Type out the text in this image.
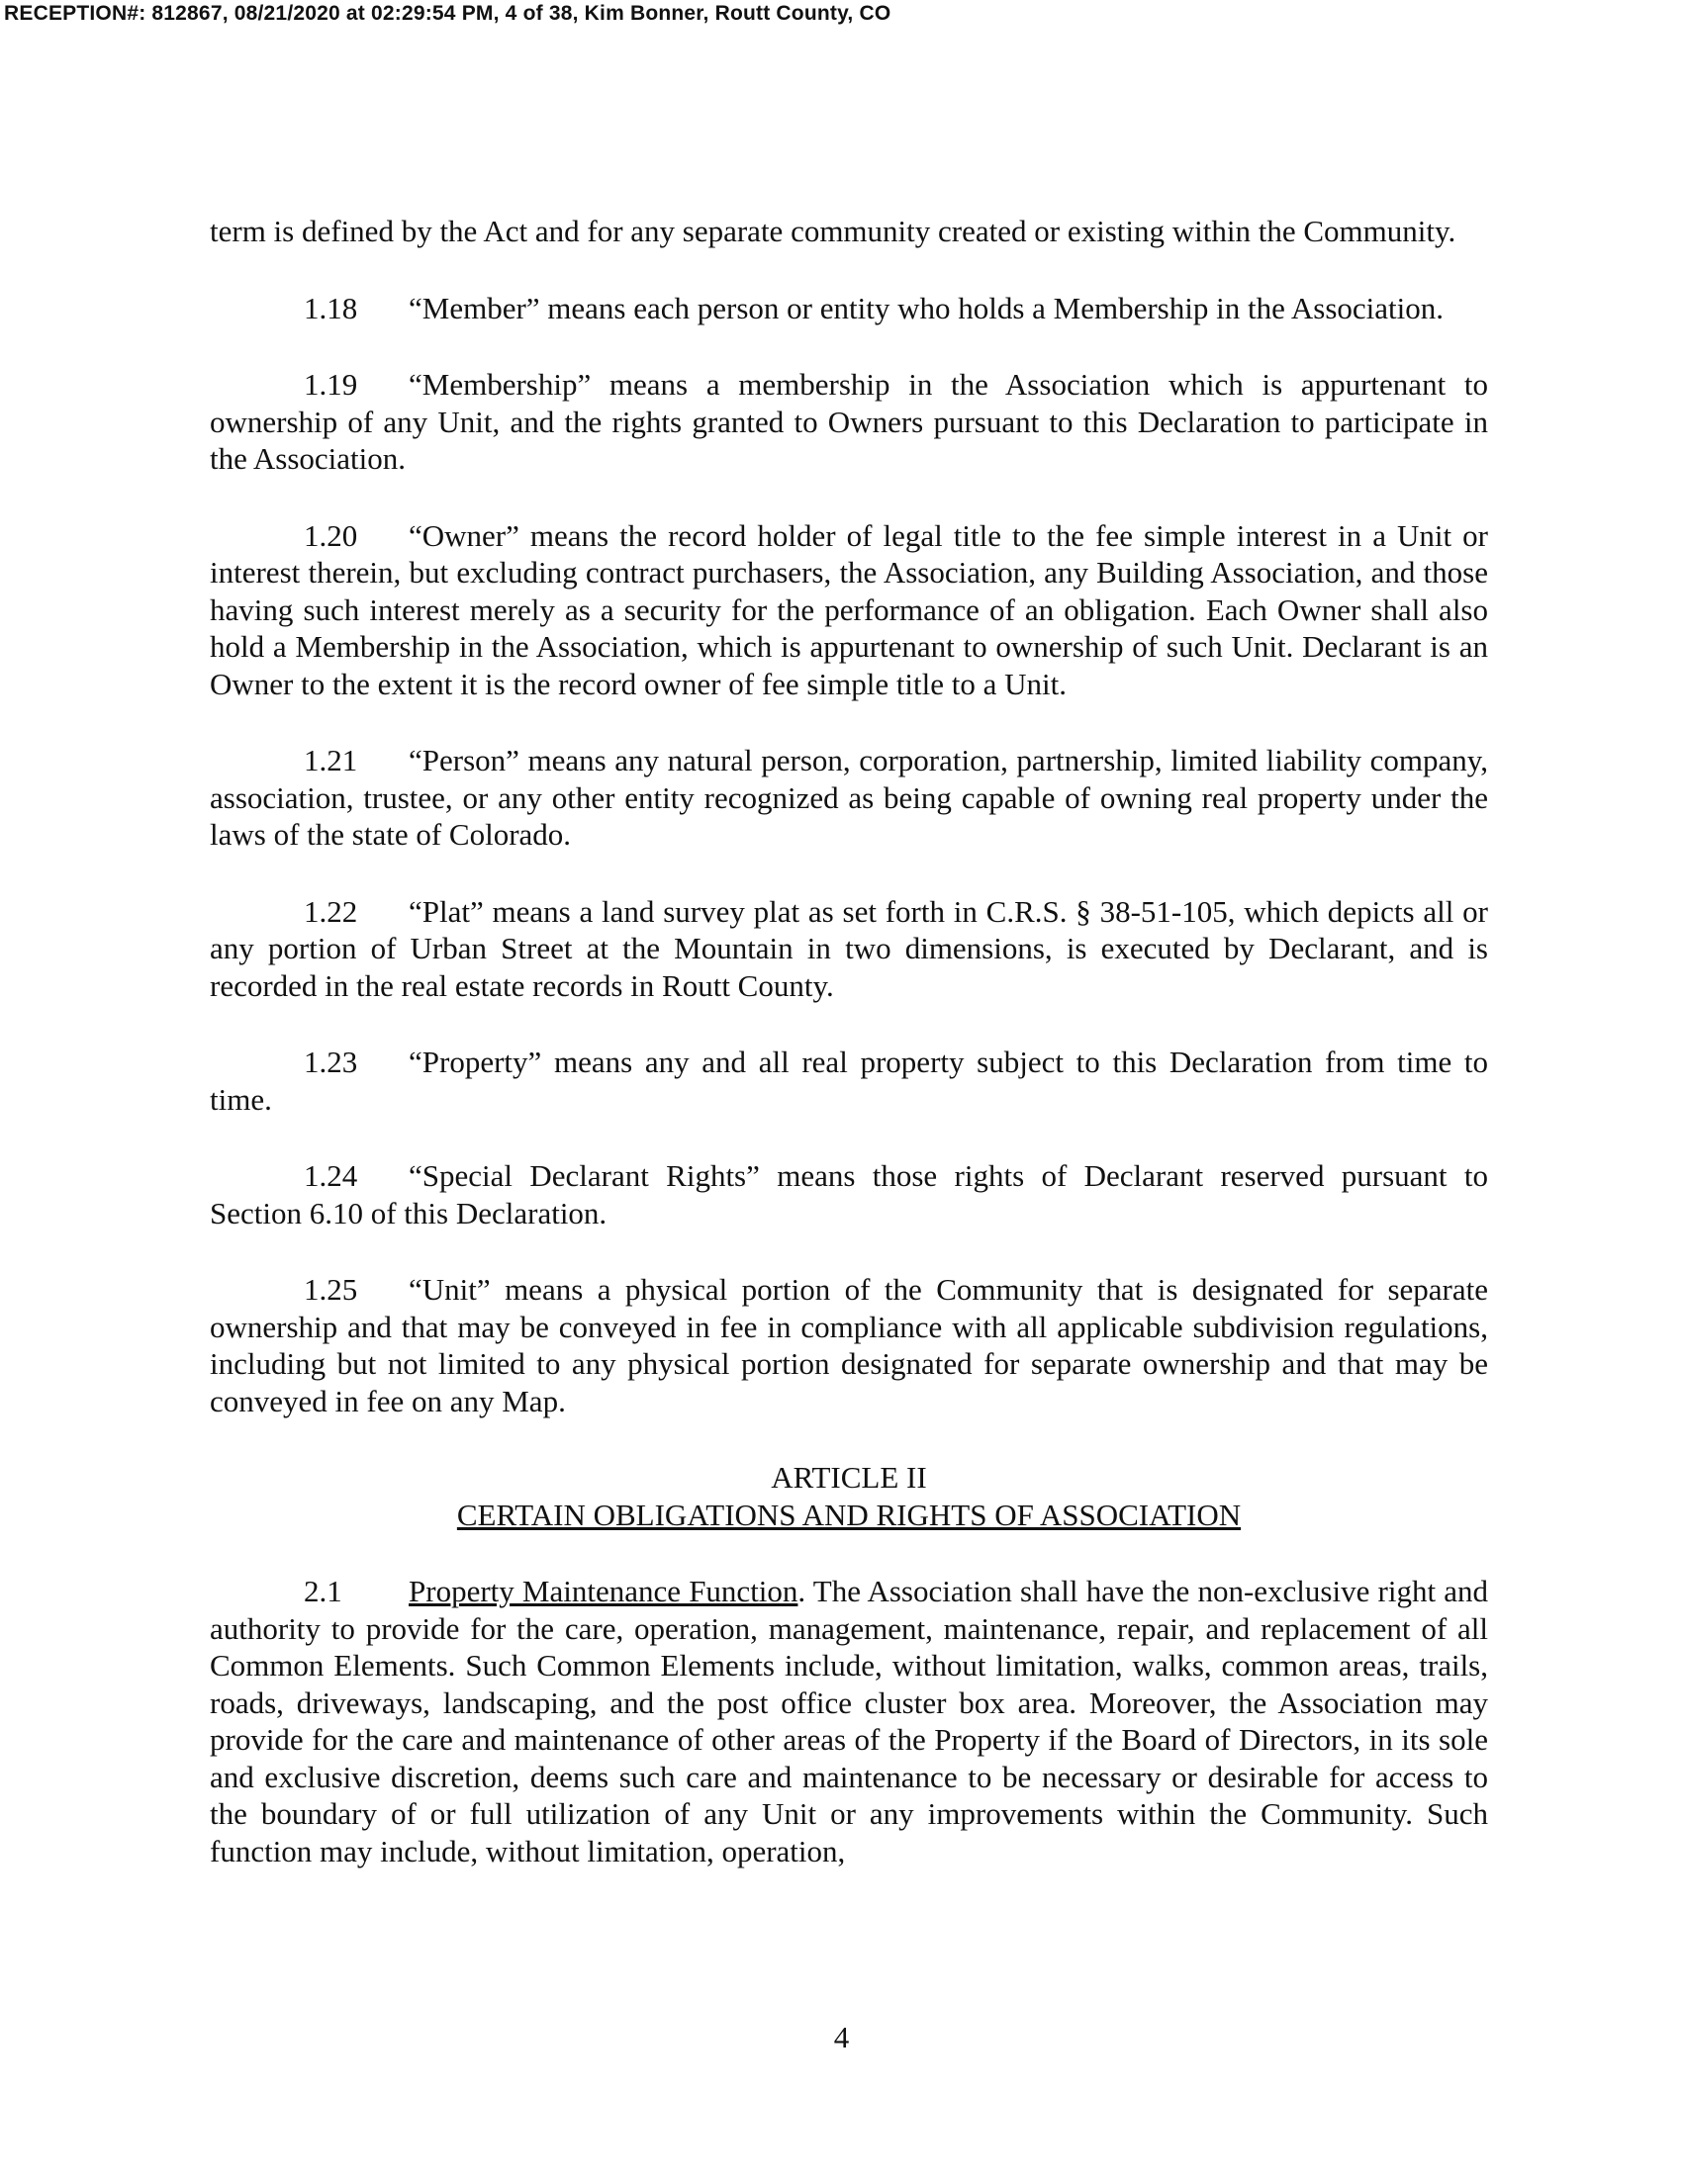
RECEPTION#: 812867, 08/21/2020 at 02:29:54 PM, 4 of 38, Kim Bonner, Routt County, CO

term is defined by the Act and for any separate community created or existing within the Community.

1.18 “Member” means each person or entity who holds a Membership in the Association.

1.19 “Membership” means a membership in the Association which is appurtenant to ownership of any Unit, and the rights granted to Owners pursuant to this Declaration to participate in the Association.

1.20 “Owner” means the record holder of legal title to the fee simple interest in a Unit or interest therein, but excluding contract purchasers, the Association, any Building Association, and those having such interest merely as a security for the performance of an obligation. Each Owner shall also hold a Membership in the Association, which is appurtenant to ownership of such Unit. Declarant is an Owner to the extent it is the record owner of fee simple title to a Unit.

1.21 “Person” means any natural person, corporation, partnership, limited liability company, association, trustee, or any other entity recognized as being capable of owning real property under the laws of the state of Colorado.

1.22 “Plat” means a land survey plat as set forth in C.R.S. § 38-51-105, which depicts all or any portion of Urban Street at the Mountain in two dimensions, is executed by Declarant, and is recorded in the real estate records in Routt County.

1.23 “Property” means any and all real property subject to this Declaration from time to time.

1.24 “Special Declarant Rights” means those rights of Declarant reserved pursuant to Section 6.10 of this Declaration.

1.25 “Unit” means a physical portion of the Community that is designated for separate ownership and that may be conveyed in fee in compliance with all applicable subdivision regulations, including but not limited to any physical portion designated for separate ownership and that may be conveyed in fee on any Map.

ARTICLE II
CERTAIN OBLIGATIONS AND RIGHTS OF ASSOCIATION

2.1 Property Maintenance Function. The Association shall have the non-exclusive right and authority to provide for the care, operation, management, maintenance, repair, and replacement of all Common Elements. Such Common Elements include, without limitation, walks, common areas, trails, roads, driveways, landscaping, and the post office cluster box area. Moreover, the Association may provide for the care and maintenance of other areas of the Property if the Board of Directors, in its sole and exclusive discretion, deems such care and maintenance to be necessary or desirable for access to the boundary of or full utilization of any Unit or any improvements within the Community. Such function may include, without limitation, operation,

4
